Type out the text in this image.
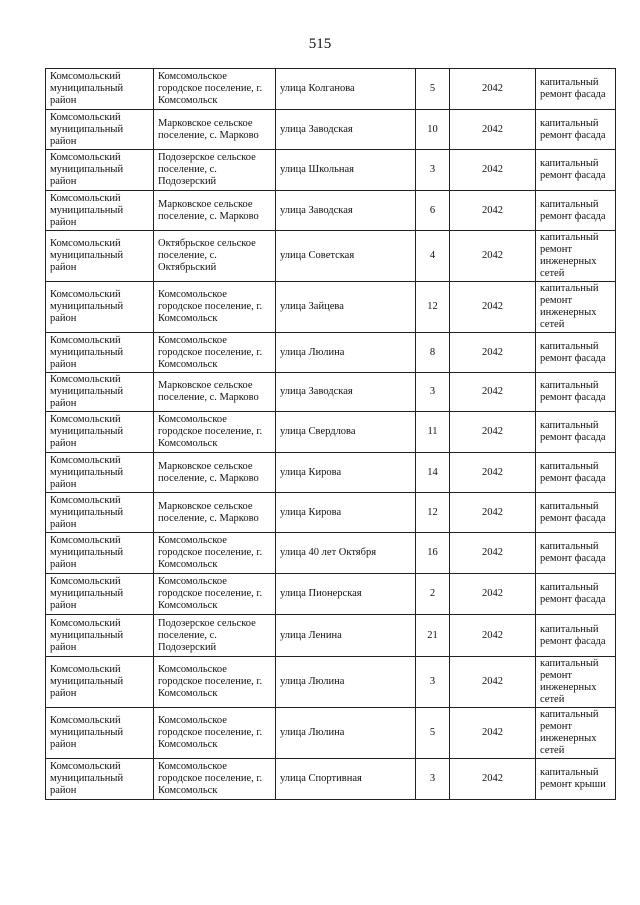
515
Комсомольский муниципальный район	Комсомольское городское поселение, г. Комсомольск	улица Колганова	5	2042	капитальный ремонт фасада
Комсомольский муниципальный район	Марковское сельское поселение, с. Марково	улица Заводская	10	2042	капитальный ремонт фасада
Комсомольский муниципальный район	Подозерское сельское поселение, с. Подозерский	улица Школьная	3	2042	капитальный ремонт фасада
Комсомольский муниципальный район	Марковское сельское поселение, с. Марково	улица Заводская	6	2042	капитальный ремонт фасада
Комсомольский муниципальный район	Октябрьское сельское поселение, с. Октябрьский	улица Советская	4	2042	капитальный ремонт инженерных сетей
Комсомольский муниципальный район	Комсомольское городское поселение, г. Комсомольск	улица Зайцева	12	2042	капитальный ремонт инженерных сетей
Комсомольский муниципальный район	Комсомольское городское поселение, г. Комсомольск	улица Люлина	8	2042	капитальный ремонт фасада
Комсомольский муниципальный район	Марковское сельское поселение, с. Марково	улица Заводская	3	2042	капитальный ремонт фасада
Комсомольский муниципальный район	Комсомольское городское поселение, г. Комсомольск	улица Свердлова	11	2042	капитальный ремонт фасада
Комсомольский муниципальный район	Марковское сельское поселение, с. Марково	улица Кирова	14	2042	капитальный ремонт фасада
Комсомольский муниципальный район	Марковское сельское поселение, с. Марково	улица Кирова	12	2042	капитальный ремонт фасада
Комсомольский муниципальный район	Комсомольское городское поселение, г. Комсомольск	улица 40 лет Октября	16	2042	капитальный ремонт фасада
Комсомольский муниципальный район	Комсомольское городское поселение, г. Комсомольск	улица Пионерская	2	2042	капитальный ремонт фасада
Комсомольский муниципальный район	Подозерское сельское поселение, с. Подозерский	улица Ленина	21	2042	капитальный ремонт фасада
Комсомольский муниципальный район	Комсомольское городское поселение, г. Комсомольск	улица Люлина	3	2042	капитальный ремонт инженерных сетей
Комсомольский муниципальный район	Комсомольское городское поселение, г. Комсомольск	улица Люлина	5	2042	капитальный ремонт инженерных сетей
Комсомольский муниципальный район	Комсомольское городское поселение, г. Комсомольск	улица Спортивная	3	2042	капитальный ремонт крыши
